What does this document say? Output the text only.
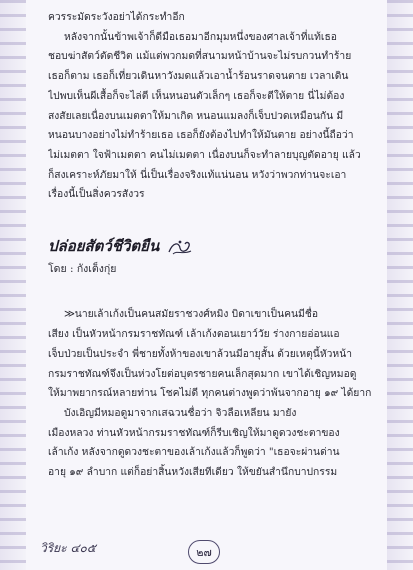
ควรระมัดระวังอย่าได้กระทำอีก
หลังจากนั้นข้าพเจ้าก็ดีมือเธอมาอีกมุมหนึ่งของศาลเจ้าที่แท้เธอ
ชอบฆ่าสัตว์ตัดชีวิต แม้แต่พวกมดที่สนามหน้าบ้านจะไม่รบกวนทำร้าย
เธอก็ตาม เธอก็เที่ยวเดินหาวังมดแล้วเอาน้ำร้อนราดจนตาย เวลาเดิน
ไปพบเห็นผีเสื้อก็จะไล่ตี เห็นหนอนตัวเล็กๆ เธอก็จะตีให้ตาย นี่ไม่ต้อง
สงสัยเลยเนื่องบนเมตตาให้มาเกิด หนอนแมลงก็เจ็บปวดเหมือนกัน มี
หนอนบางอย่างไม่ทำร้ายเธอ เธอก็ยังต้องไปทำให้มันตาย อย่างนี้ถือว่า
ไม่เมตตา ใจฟ้าเมตตา คนไม่เมตตา เนื่องบนก็จะทำลายบุญตัดอายุ แล้ว
ก็สงเคราะห์ภัยมาให้ นี่เป็นเรื่องจริงแท้แน่นอน หวังว่าพวกท่านจะเอา
เรื่องนี้เป็นสิ่งควรสังวร
ปล่อยสัตว์ชีวิตยืน
โดย : กังเต็งกุ่ย
≫นายเล้าเก้งเป็นคนสมัยราชวงศ์หมิง บิดาเขาเป็นคนมีชื่อ
เสียง เป็นหัวหน้ากรมราชทัณฑ์ เล้าเก้งตอนเยาว์วัย ร่างกายอ่อนแอ
เจ็บป่วยเป็นประจำ พี่ชายทั้งห้าของเขาล้วนมีอายุสั้น ด้วยเหตุนี้หัวหน้า
กรมราชทัณฑ์จึงเป็นห่วงโยต่อบุตรชายคนเล็กสุดมาก เขาได้เชิญหมอดู
ให้มาพยากรณ์หลายท่าน โชคไม่ดี ทุกคนต่างพูดว่าพ้นจากอายุ ๑๙ ได้ยาก
บังเอิญมีหมอดูมาจากเสฉวนชื่อว่า จิวลือเหลียน มายัง
เมืองหลวง ท่านหัวหน้ากรมราชทัณฑ์ก็รีบเชิญให้มาดูดวงชะตาของ
เล้าเก้ง หลังจากดูดวงชะตาของเล้าเก้งแล้วก็พูดว่า "เธอจะผ่านด่าน
อายุ ๑๙ ลำบาก แต่ก็อย่าสิ้นหวังเสียทีเดียว ให้ขยันสำนึกบาปกรรม
วิริยะ ๔๐๕	๒๗
